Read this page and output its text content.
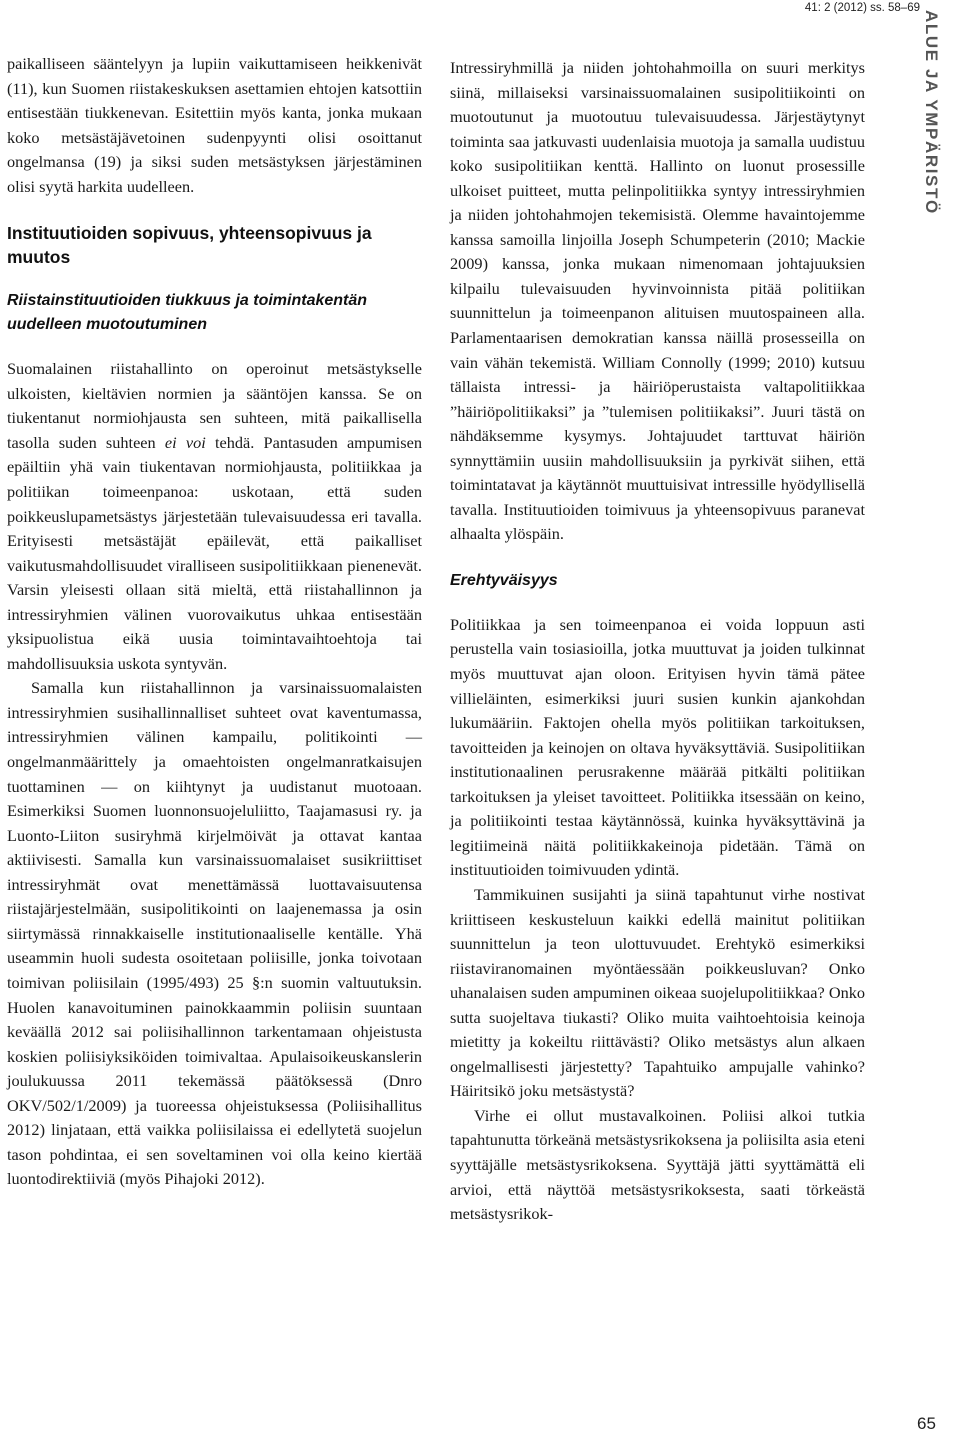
41: 2 (2012) ss. 58–69
ALUE JA YMPÄRISTÖ

paikalliseen sääntelyyn ja lupiin vaikuttamiseen heikkenivät (11), kun Suomen riistakeskuksen asettamien ehtojen katsottiin entisestään tiukkenevan. Esitettiin myös kanta, jonka mukaan koko metsästäjävetoinen sudenpyynti olisi osoittanut ongelmansa (19) ja siksi suden metsästyksen järjestäminen olisi syytä harkita uudelleen.

Instituutioiden sopivuus, yhteensopivuus ja muutos
Riistainstituutioiden tiukkuus ja toimintakentän uudelleen muotoutuminen

Suomalainen riistahallinto on operoinut metsästykselle ulkoisten, kieltävien normien ja sääntöjen kanssa. Se on tiukentanut normiohjausta sen suhteen, mitä paikallisella tasolla suden suhteen ei voi tehdä. Pantasuden ampumisen epäiltiin yhä vain tiukentavan normiohjausta, politiikkaa ja politiikan toimeenpanoa: uskotaan, että suden poikkeuslupametsästys järjestetään tulevaisuudessa eri tavalla. Erityisesti metsästäjät epäilevät, että paikalliset vaikutusmahdollisuudet viralliseen susipolitiikkaan pienenevät. Varsin yleisesti ollaan sitä mieltä, että riistahallinnon ja intressiryhmien välinen vuorovaikutus uhkaa entisestään yksipuolistua eikä uusia toimintavaihtoehtoja tai mahdollisuuksia uskota syntyvän.

Samalla kun riistahallinnon ja varsinaissuomalaisten intressiryhmien susihallinnalliset suhteet ovat kaventumassa, intressiryhmien välinen kampailu, politikointi — ongelmanmäärittely ja omaehtoisten ongelmanratkaisujen tuottaminen — on kiihtynyt ja uudistanut muotoaan. Esimerkiksi Suomen luonnonsuojeluliitto, Taajamasusi ry. ja Luonto-Liiton susiryhmä kirjelmöivät ja ottavat kantaa aktiivisesti. Samalla kun varsinaissuomalaiset susikriittiset intressiryhmät ovat menettämässä luottavaisuutensa riistajärjestelmään, susipolitikointi on laajenemassa ja osin siirtymässä rinnakkaiselle institutionaaliselle kentälle. Yhä useammin huoli sudesta osoitetaan poliisille, jonka toivotaan toimivan poliisilain (1995/493) 25 §:n suomin valtuutuksin. Huolen kanavoituminen painokkaammin poliisin suuntaan keväällä 2012 sai poliisihallinnon tarkentamaan ohjeistusta koskien poliisiyksiköiden toimivaltaa. Apulaisoikeuskanslerin joulukuussa 2011 tekemässä päätöksessä (Dnro OKV/502/1/2009) ja tuoreessa ohjeistuksessa (Poliisihallitus 2012) linjataan, että vaikka poliisilaissa ei edellytetä suojelun tason pohdintaa, ei sen soveltaminen voi olla keino kiertää luontodirektiiviä (myös Pihajoki 2012).

Intressiryhmillä ja niiden johtohahmoilla on suuri merkitys siinä, millaiseksi varsinaissuomalainen susipolitiikointi on muotoutunut ja muotoutuu tulevaisuudessa. Järjestäytynyt toiminta saa jatkuvasti uudenlaisia muotoja ja samalla uudistuu koko susipolitiikan kenttä. Hallinto on luonut prosessille ulkoiset puitteet, mutta pelinpolitiikka syntyy intressiryhmien ja niiden johtohahmojen tekemisistä. Olemme havaintojemme kanssa samoilla linjoilla Joseph Schumpeterin (2010; Mackie 2009) kanssa, jonka mukaan nimenomaan johtajuuksien kilpailu tulevaisuuden hyvinvoinnista pitää politiikan suunnittelun ja toimeenpanon alituisen muutospaineen alla. Parlamentaarisen demokratian kanssa näillä prosesseilla on vain vähän tekemistä. William Connolly (1999; 2010) kutsuu tällaista intressi- ja häiriöperustaista valtapolitiikkaa ”häiriöpolitiikaksi” ja ”tulemisen politiikaksi”. Juuri tästä on nähdäksemme kysymys. Johtajuudet tarttuvat häiriön synnyttämiin uusiin mahdollisuuksiin ja pyrkivät siihen, että toimintatavat ja käytännöt muuttuisivat intressille hyödyllisellä tavalla. Instituutioiden toimivuus ja yhteensopivuus paranevat alhaalta ylöspäin.

Erehtyväisyys

Politiikkaa ja sen toimeenpanoa ei voida loppuun asti perustella vain tosiasioilla, jotka muuttuvat ja joiden tulkinnat myös muuttuvat ajan oloon. Erityisen hyvin tämä pätee villieläinten, esimerkiksi juuri susien kunkin ajankohdan lukumääriin. Faktojen ohella myös politiikan tarkoituksen, tavoitteiden ja keinojen on oltava hyväksyttäviä. Susipolitiikan institutionaalinen perusrakenne määrää pitkälti politiikan tarkoituksen ja yleiset tavoitteet. Politiikka itsessään on keino, ja politiikointi testaa käytännössä, kuinka hyväksyttävinä ja legitiimeinä näitä politiikkakeinoja pidetään. Tämä on instituutioiden toimivuuden ydintä.

Tammikuinen susijahti ja siinä tapahtunut virhe nostivat kriittiseen keskusteluun kaikki edellä mainitut politiikan suunnittelun ja teon ulottuvuudet. Erehtykö esimerkiksi riistaviranomainen myöntäessään poikkeusluvan? Onko uhanalaisen suden ampuminen oikeaa suojelupolitiikkaa? Onko sutta suojeltava tiukasti? Oliko muita vaihtoehtoisia keinoja mietitty ja kokeiltu riittävästi? Oliko metsästys alun alkaen ongelmallisesti järjestetty? Tapahtuiko ampujalle vahinko? Häiritsikö joku metsästystä?

Virhe ei ollut mustavalkoinen. Poliisi alkoi tutkia tapahtunutta törkeänä metsästysrikoksena ja poliisilta asia eteni syyttäjälle metsästysrikoksena. Syyttäjä jätti syyttämättä eli arvioi, että näyttöä metsästysrikoksesta, saati törkeästä metsästysrikok-

65
